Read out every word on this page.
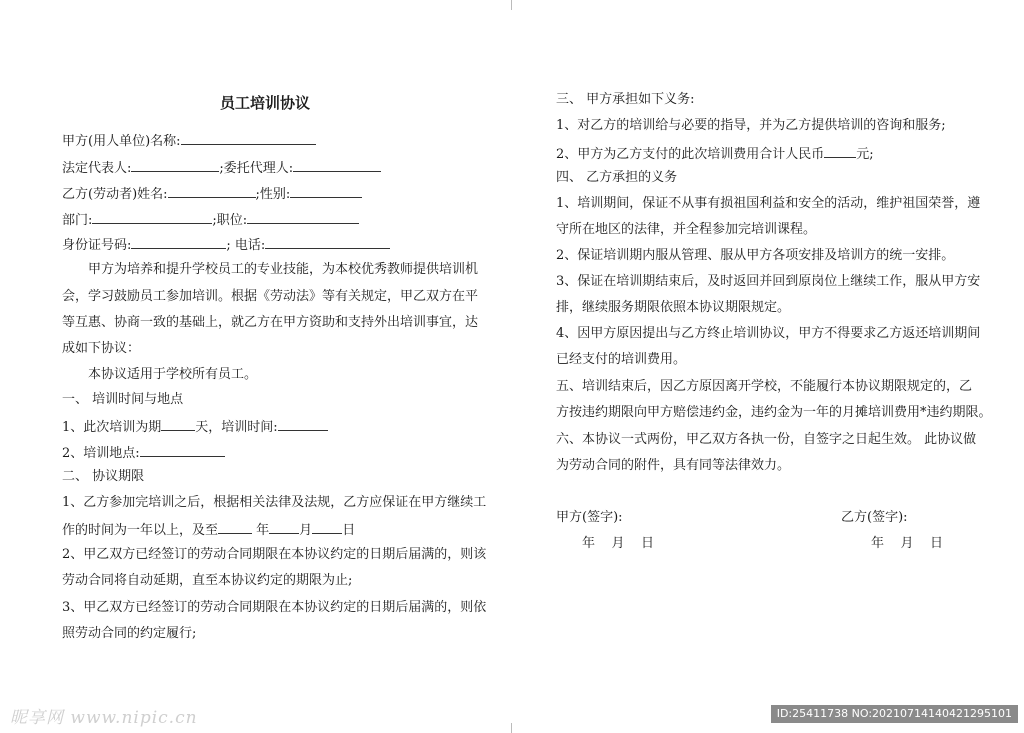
员工培训协议
甲方(用人单位)名称:
法定代表人:	;委托代理人:
乙方(劳动者)姓名:	;性别:
部门:	;职位:
身份证号码:	; 电话:
甲方为培养和提升学校员工的专业技能，为本校优秀教师提供培训机
会，学习鼓励员工参加培训。根据《劳动法》等有关规定，甲乙双方在平
等互惠、协商一致的基础上，就乙方在甲方资助和支持外出培训事宜，达
成如下协议：
本协议适用于学校所有员工。
一、 培训时间与地点
1、此次培训为期	天，培训时间:
2、培训地点:
二、 协议期限
1、乙方参加完培训之后，根据相关法律及法规，乙方应保证在甲方继续工
作的时间为一年以上，及至	年 月 日
2、甲乙双方已经签订的劳动合同期限在本协议约定的日期后届满的，则该
劳动合同将自动延期，直至本协议约定的期限为止;
3、甲乙双方已经签订的劳动合同期限在本协议约定的日期后届满的，则依
照劳动合同的约定履行;
三、 甲方承担如下义务:
1、对乙方的培训给与必要的指导，并为乙方提供培训的咨询和服务;
2、甲方为乙方支付的此次培训费用合计人民币 元;
四、 乙方承担的义务
1、培训期间，保证不从事有损祖国利益和安全的活动，维护祖国荣誉，遵
守所在地区的法律，并全程参加完培训课程。
2、保证培训期内服从管理、服从甲方各项安排及培训方的统一安排。
3、保证在培训期结束后，及时返回并回到原岗位上继续工作，服从甲方安
排，继续服务期限依照本协议期限规定。
4、因甲方原因提出与乙方终止培训协议，甲方不得要求乙方返还培训期间
已经支付的培训费用。
五、培训结束后，因乙方原因离开学校，不能履行本协议期限规定的，乙
方按违约期限向甲方赔偿违约金，违约金为一年的月摊培训费用*违约期限。
六、本协议一式两份，甲乙双方各执一份，自签字之日起生效。 此协议做
为劳动合同的附件，具有同等法律效力。
甲方(签字):	乙方(签字):
年    月    日	年    月    日
昵享网 www.nipic.cn	ID:25411738 NO:20210714140421295101
